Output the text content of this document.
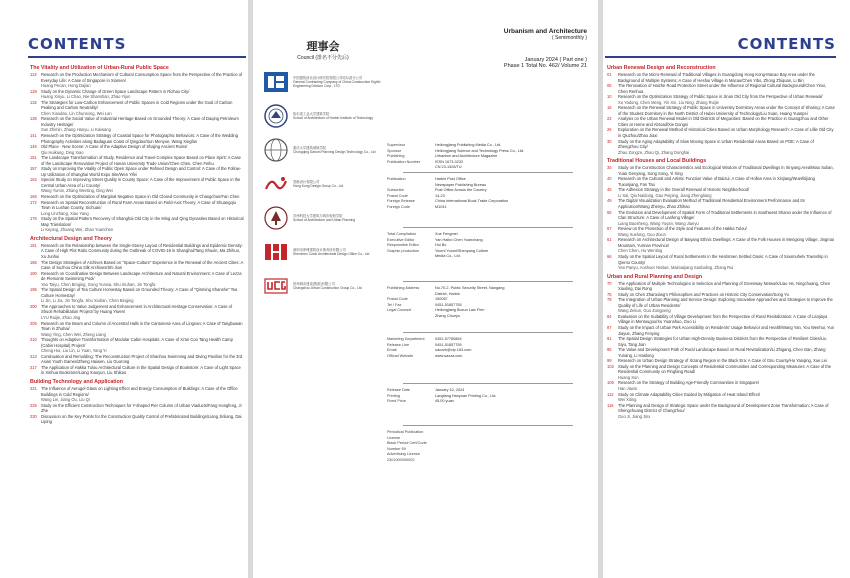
CONTENTS
The Vitality and Utilization of Urban-Rural Public Space
122	Research on the Production Mechanism of Cultural Consumption Space from the Perspective of the Practice of Everyday Life: A Case of Singapore in Xiamen/
Huang Pecan, Hong Dajian
128	Study on the Dynamic Change of Green Space Landscape Pattern in Rizhao City/
Huang Xinyu, Li Chao, Nie Shanshan, Zhao Yijun
132	The Strategies for Low-Carbon Enhancement of Public Spaces in Cold Regions under the Goal of Carbon Peaking and Carbon Neutrality/
Chen Xiaodan, Lin Chunsong, Wei Lan
136	Research on the Social Value of Industrial Heritage Based on Grounded Theory: A Case of Daqing Petroleum Industry Heritage/
Sun Zhimin, Zhang Hanyu, Li Kaiwang
141	Research on the Optimization Strategy of Coastal Space for Photographic Behaviors: A Case of the Wedding Photography Activities along Badaguan Coast of Qingdao/Sun Menyue, Wang Xingfan
146	Old Place · New Scene: A Case of the Adaptive Design of Shajing Ancient Ruins/
Qiu Huikang, Ding Xiao
151	The Landscape Transformation of Study, Residence and Travel Complex Space Based on Place Spirit: A Case of the Landscape Renovation Project of Hunan University Trade Union/Chen Chen, Chen Feihu
157	Study on Improving the Vitality of Public Open Space under Refined Design and Control: A Case of the Follow-Up Utilization of Shanghai World Expo Site/Wen Yifei
162	Special Study on Improving Street Quality in County Space: A Case of the Improvement of Public Space in the Central Urban Area of Li County/
Wang Yumin, Zhang Wenting, Ding Wei
166	Research on the Optimization of Marginal Negative Space in Old Closed Community in Changchun/Fan Chen
172	Research on Spatial Reconstruction of Rural Farm Areas Based on Field-Axis Theory: A Case of Shuangqiu Town in Lushan County, Sichuan/
Long Linzhang, Xiao Yang
176	Study on the Spatial Pattern Recovery of Shanghai Old City in the Ming and Qing Dynasties Based on Historical Map Translation/
Li Keping, Zhuang Wei, Zhao Yuanchen
Architectural Design and Theory
181	Research on the Relationship between the Single-Storey Layout of Residential Buildings and Epidemic Density: A Case of High Plot Ratio Community during the Outbreak of COVID-19 in Shanghai/Tang Shuxin, Ma Zhihuo, Xu Junhui
186	The Design Strategies of Archives Based on "Space-Culture" Experience in the Renewal of the Ancient Cities: A Case of Suzhou China Silk Archives/Shi Jian
190	Research on Coordinative Design Between Landscape Architecture and Natural Environment: A Case of Lezza de Piemonte Swimming Pool/
Yao Taiyu, Chen Binging, Gong Yunxia, Shu Xiuhan, Jin Tongfa
195	The Spatial Design of Tea Culture Homestay Based on Grounded Theory: A Case of "Qinming Shanshe" Tea Culture Homestay/
Li Jin, Li Jia, Jin Tongfa, Shu Xiuhan, Chen Binging
200	The Approaches to Value Judgement and Enhancement in Architectural Heritage Conservation: A Case of Shuoli Rehabilitation Project/ by Huang Yiwen/
LYU Ruijie, Zhao Jing
205	Research on the Beam and Column of Ancestral Halls in the Cantonese Area of Lingnan: A Case of Tangbuwan Town in Zhuhai/
Wang Ying, Chen Wei, Zheng Liang
210	Thoughts on Adaptive Transformation of Modular Cabin Hospitals: A Case of Xi'an Coo Tang Health Camp (Cabin Hospital) Project/
Cheng Hui, Liu Lin, Li Yuan, Yang Yi
213	Continuation and Remolding: The Reconstruction Project of Shanhou Swimming and Diving Pavilion for the 3rd Asian Youth Games/Zheng Haiwen, Liu Guorong
217	The Application of Hakka Tulou Architectural Culture in the Spatial Design of Bookstore: A Case of Light Space in Xinhua Bookstore/Liang Xiaoyun, Liu Shikao
Building Technology and Application
221	The Influence of Aerogel Glass on Lighting Effect and Energy Consumption of Buildings: A Case of the Office Buildings in Cold Regions/
Wang Lei, Jiang Ou, Liu Qi
225	Study on the Efficient Construction Techniques for Y-shaped Pier Column of Urban Viaducts/Fang Hongfeng, Ji Zhe
230	Discussion on the Key Points for the Construction Quality Control of Prefabricated Buildings/Liang Jinliang, Dai Liping
理事会
Council (排名不分先后)
中国建筑西北设计研究院有限公司哈尔滨分公司
General Contracting Company of China Construction Eighth Engineering Division Corp., LTD
哈尔滨工业大学建筑学院
School of Architecture of Harbin Institute of Technology
重庆大学建筑城规学院
Chongqing Dahum Planning Design Technology Co., Ltd
香港设计有限公司
Hong Kong Design Group Co., Ltd
苏州科技大学建筑与城市规划学院
School of Architecture and Urban Planning
深圳市库博建筑设计事务所有限公司
Shenzhen Cubic Architectural Design Office Co., Ltd
常州城市建设(集团)有限公司
Changzhou Urban Construction Group Co., Ltd
Urbanism and Architecture
( Semimonthly )
January 2024 ( Part one )
Phase 1 Total No. 462/ Volume 21
Supervisor	Heilongjiang Publishing Media Co., Ltd.
Sponsor	Heilongjiang Science and Technology Press Co., Ltd.
Publishing	Urbanism and Architecture Magazine
Publication Number	ISSN 1673-0232
CN 23-1528/TU
Publication	Harbin Post Office
Newspaper Publishing Bureau
Subscribe	Post Office Across the Country
Postal Code	14-23
Foreign Release	China International Book Trade Corporation
Foreign Code	M1041
Total Compilation	Xue Fengmei
Executive Editor	Yan Haibo Chen Yuanchang
Responsible Editor	Hui Bo
Graphic production	Yooml Yooml/Shenyang Culture
Media Co., Ltd.
Publishing Address	No.70-2, Public Security Street, Nangang
District, Harbin
Postal Code	150087
Tel / Fax	0451-51857755
Legal Counsel	Heilongjiang Boxun Law Firm
Zhang Chunyu
Marketing Department	0451-57780854
Release Line	0451-51857755
Email	uaczzh@vip.163.com
Official Website	www.uazza.com
Release Date	January 10, 2024
Printing	Langfang Hanyuan Printing Co., Ltd.
Fixed Price	45.00 yuan
Periodical Publication License
Black Period Cert/Code Number 59
Advertising License
2301000000002
CONTENTS
Urban Renewal Design and Reconstruction
01	Research on the Micro-Renewal of Traditional Villages in Guangdong Hong Kong-Macao Bay Area under the Background of Multiple Systems: A Case of Heshui Village in Macau/Chen Yibo, Zhong Zhiquan, Li Bin
06	The Renovation of Haizhe Road Protection Street under the Influence of Regional Cultural Background/Chen Yinxi, Chen Renhua
10	Research on the Optimization Strategy of Public Space in Jinan Old City from the Perspective of Urban Renewal/
Xu Yadong, Chen Meng, Yin Xin, Liu Ning, Zhang Ruijie
16	Research on the Renewal Strategy of Public Space in University Dormitory Areas under the Concept of Sharing: A Case of the Student Dormitory in the North District of Hubei University of Technology/Liu Xuan, Huang Yuanpei
22	Analysis on the Urban Renewal Model in Old Districts of Megacities: Based on the Practice in Guangzhou and Other Cities at Home and Abroad/Xie Dongni
26	Exploration on the Renewal Method of Historical Cities Based on Urban Morphology Research: A Case of Lillie Old City in Qiuzhou/Zhao Jiaxi
30	Study on the Aging Adaptability of Slow Moving Space in Urban Residential Areas Based on POE: A Case of Zhengzhou City/
Zhao Zongze, Zhao Qi, Zhang Donghai
Traditional Houses and Local Buildings
35	Study on the Construction Characteristics and Ecological Wisdom of Traditional Dwellings in Xinyang Area/Miao Sulian, Yuan Genyang, Song Song, Yi Xing
40	Research on the Cultural and Artistic Function Value of Baizui: A Case of Hollan Area in Xinjiang/Wuerlitijiang Tuxunjiang, Fan Tao
45	The Adhesion Strategy in the Overall Renewal of Historic Neighborhood/
Li Sai, Qiu Naidong, Gao Peiping, Jiang Zhengliang
49	The Digital Visualization Evaluation Method of Traditional Residential Environment Performance and Its Application/Wang Zhenyu, Zhao Zhihao
55	The Evolution and Development of Spatial Form of Traditional Settlements in Southwest Shanxi under the Influence of Clan Structure: A Case of Lanfeng Village/
Liang Baosheng, Wang Yuyan, Wang Jianyu
57	Review on the Protection of the Style and Features of the Hakka Tulou/
Wang Xuelong, Guo Zixun
61	Research on Architectural Design of Baiyang Ethnic Dwellings: A Case of the Folk Houses in Mengxing Village, Jingmai Mountain, Yunnan Province/
Chen Chen, Hu Wenting
66	Study on the Spatial Layout of Rural Settlements in the Herdsmen Settled Oasis: A Case of Xiaomuhelv Township in Qiemo County/
Yan Panyu, Aoshuer Nisitae, Maimaijiang Sanbaling, Zhang Rui
Urban and Rural Planning and Design
70	The Application of Multiple Technologies in Selection and Planning of Greenway Network/Liao He, Ningchuang, Chen Xiaoling, Dai Rong
75	Study on Chen Zhanxiang's Philosophies and Practices on Historic City Conservation/Song Yu
79	The Integration of Urban Planning and Service Design: Exploring Innovative Approaches and Strategies to Improve the Quality of Life of Urban Residents/
Wang Zekun, Guo Zongpeng
84	Evaluation on the Suitability of Village Development from the Perspective of Rural Revitalization: A Case of Lanjiaya Village in Mentougou/Xu Yuanshuo, Guo Li
87	Study on the Impact of Urban Park Accessibility on Residents' Usage Behavior and Health/Wang Yan, You Wenhui, Yun Jiayue, Zhang Fenying
91	The Spatial Design Strategies for Urban High-Density Business Districts from the Perspective of Resilient Cities/Liu Siyu, Tang Jian
95	The Value and Development Path of Rural Landscape Based on Rural Revitalization/Li Zhigang, Chen Dan, Zhang Yunang, Li Haidong
99	Research on Urban Design Strategy of Xizang Region in the Black Era: A Case of Giru County/Hu Yanqing, Xue Lei
103	Study on the Planning and Design Concepts of Residential Communities and Corresponding Measures: A Case of the Residential Community on Pingfang Road/
Huang Xun
109	Research on the Strategy of Building Age-Friendly Communities in Singapore/
Han Jiaxin
112	Study on Climate Adaptability Cities Guided by Mitigation of Heat Island Effect/
Wei Xiting
116	The Planning and Design of Strategic Space under the Background of Development Zone Transformation: A Case of Shengchuang District of Changzhou/
Guo Ji, Jiang Jinx
